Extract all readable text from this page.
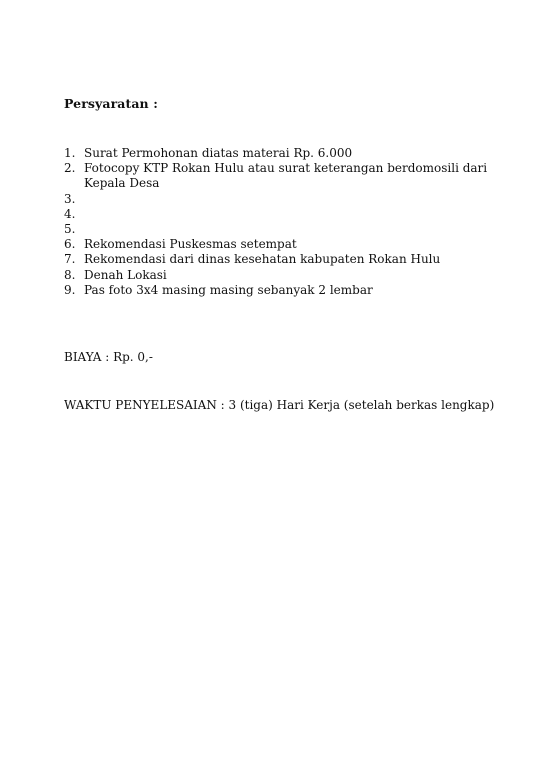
Persyaratan :
1. Surat Permohonan diatas materai Rp. 6.000
2. Fotocopy KTP Rokan Hulu atau surat keterangan berdomosili dari Kepala Desa
3.
4.
5.
6. Rekomendasi Puskesmas setempat
7. Rekomendasi dari dinas kesehatan kabupaten Rokan Hulu
8. Denah Lokasi
9. Pas foto 3x4 masing masing sebanyak 2 lembar
BIAYA : Rp. 0,-
WAKTU PENYELESAIAN : 3 (tiga) Hari Kerja (setelah berkas lengkap)
